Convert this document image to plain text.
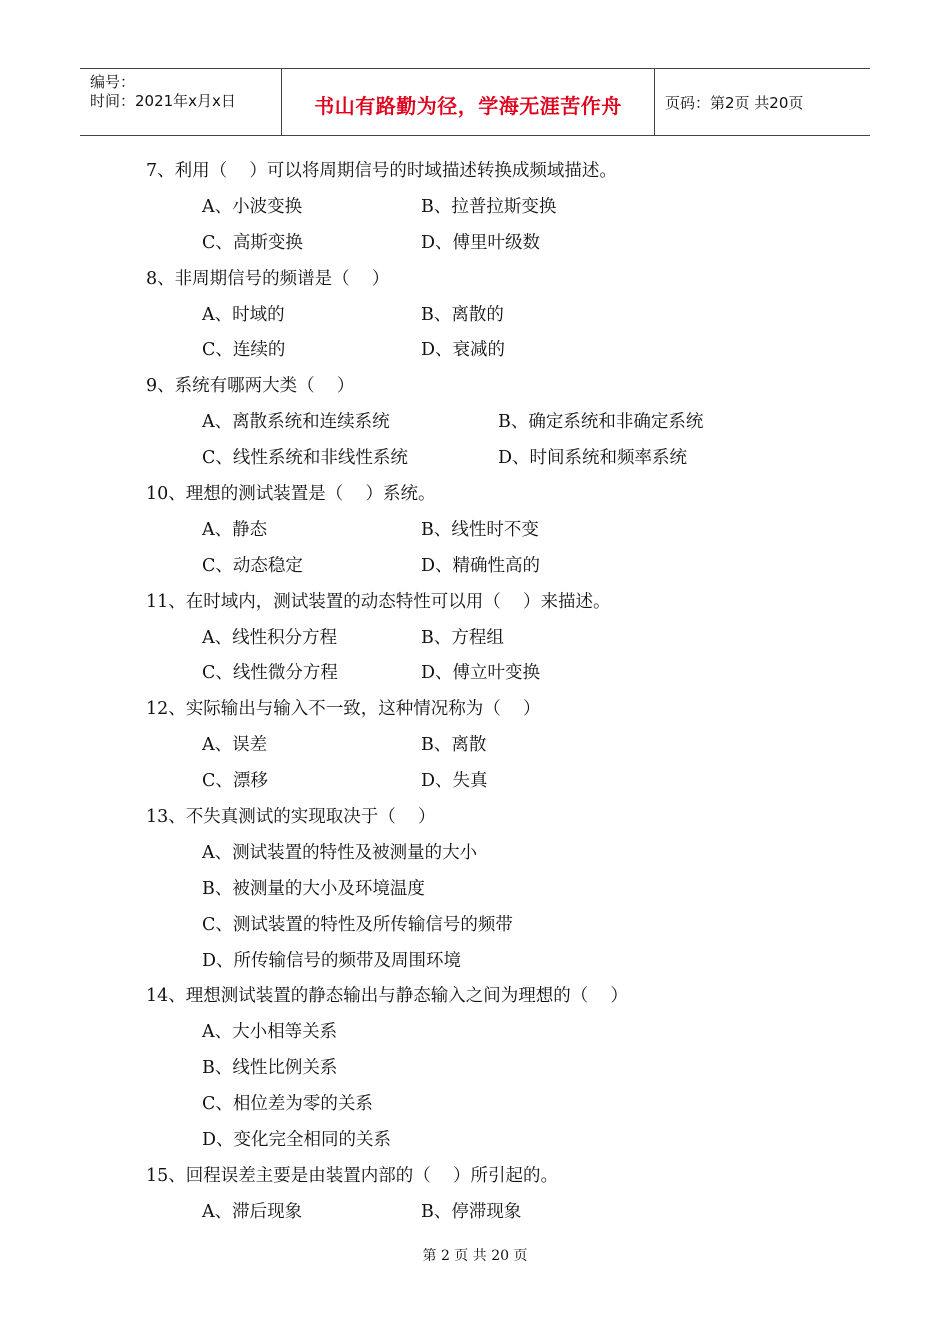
编号：
时间：2021年x月x日	书山有路勤为径，学海无涯苦作舟	页码：第2页 共20页
7、利用（    ）可以将周期信号的时域描述转换成频域描述。
A、小波变换	B、拉普拉斯变换
C、高斯变换	D、傅里叶级数
8、非周期信号的频谱是（    ）
A、时域的	B、离散的
C、连续的	D、衰减的
9、系统有哪两大类（    ）
A、离散系统和连续系统	B、确定系统和非确定系统
C、线性系统和非线性系统	D、时间系统和频率系统
10、理想的测试装置是（    ）系统。
A、静态	B、线性时不变
C、动态稳定	D、精确性高的
11、在时域内，测试装置的动态特性可以用（    ）来描述。
A、线性积分方程	B、方程组
C、线性微分方程	D、傅立叶变换
12、实际输出与输入不一致，这种情况称为（    ）
A、误差	B、离散
C、漂移	D、失真
13、不失真测试的实现取决于（    ）
A、测试装置的特性及被测量的大小
B、被测量的大小及环境温度
C、测试装置的特性及所传输信号的频带
D、所传输信号的频带及周围环境
14、理想测试装置的静态输出与静态输入之间为理想的（    ）
A、大小相等关系
B、线性比例关系
C、相位差为零的关系
D、变化完全相同的关系
15、回程误差主要是由装置内部的（    ）所引起的。
A、滞后现象	B、停滞现象
第 2 页 共 20 页
